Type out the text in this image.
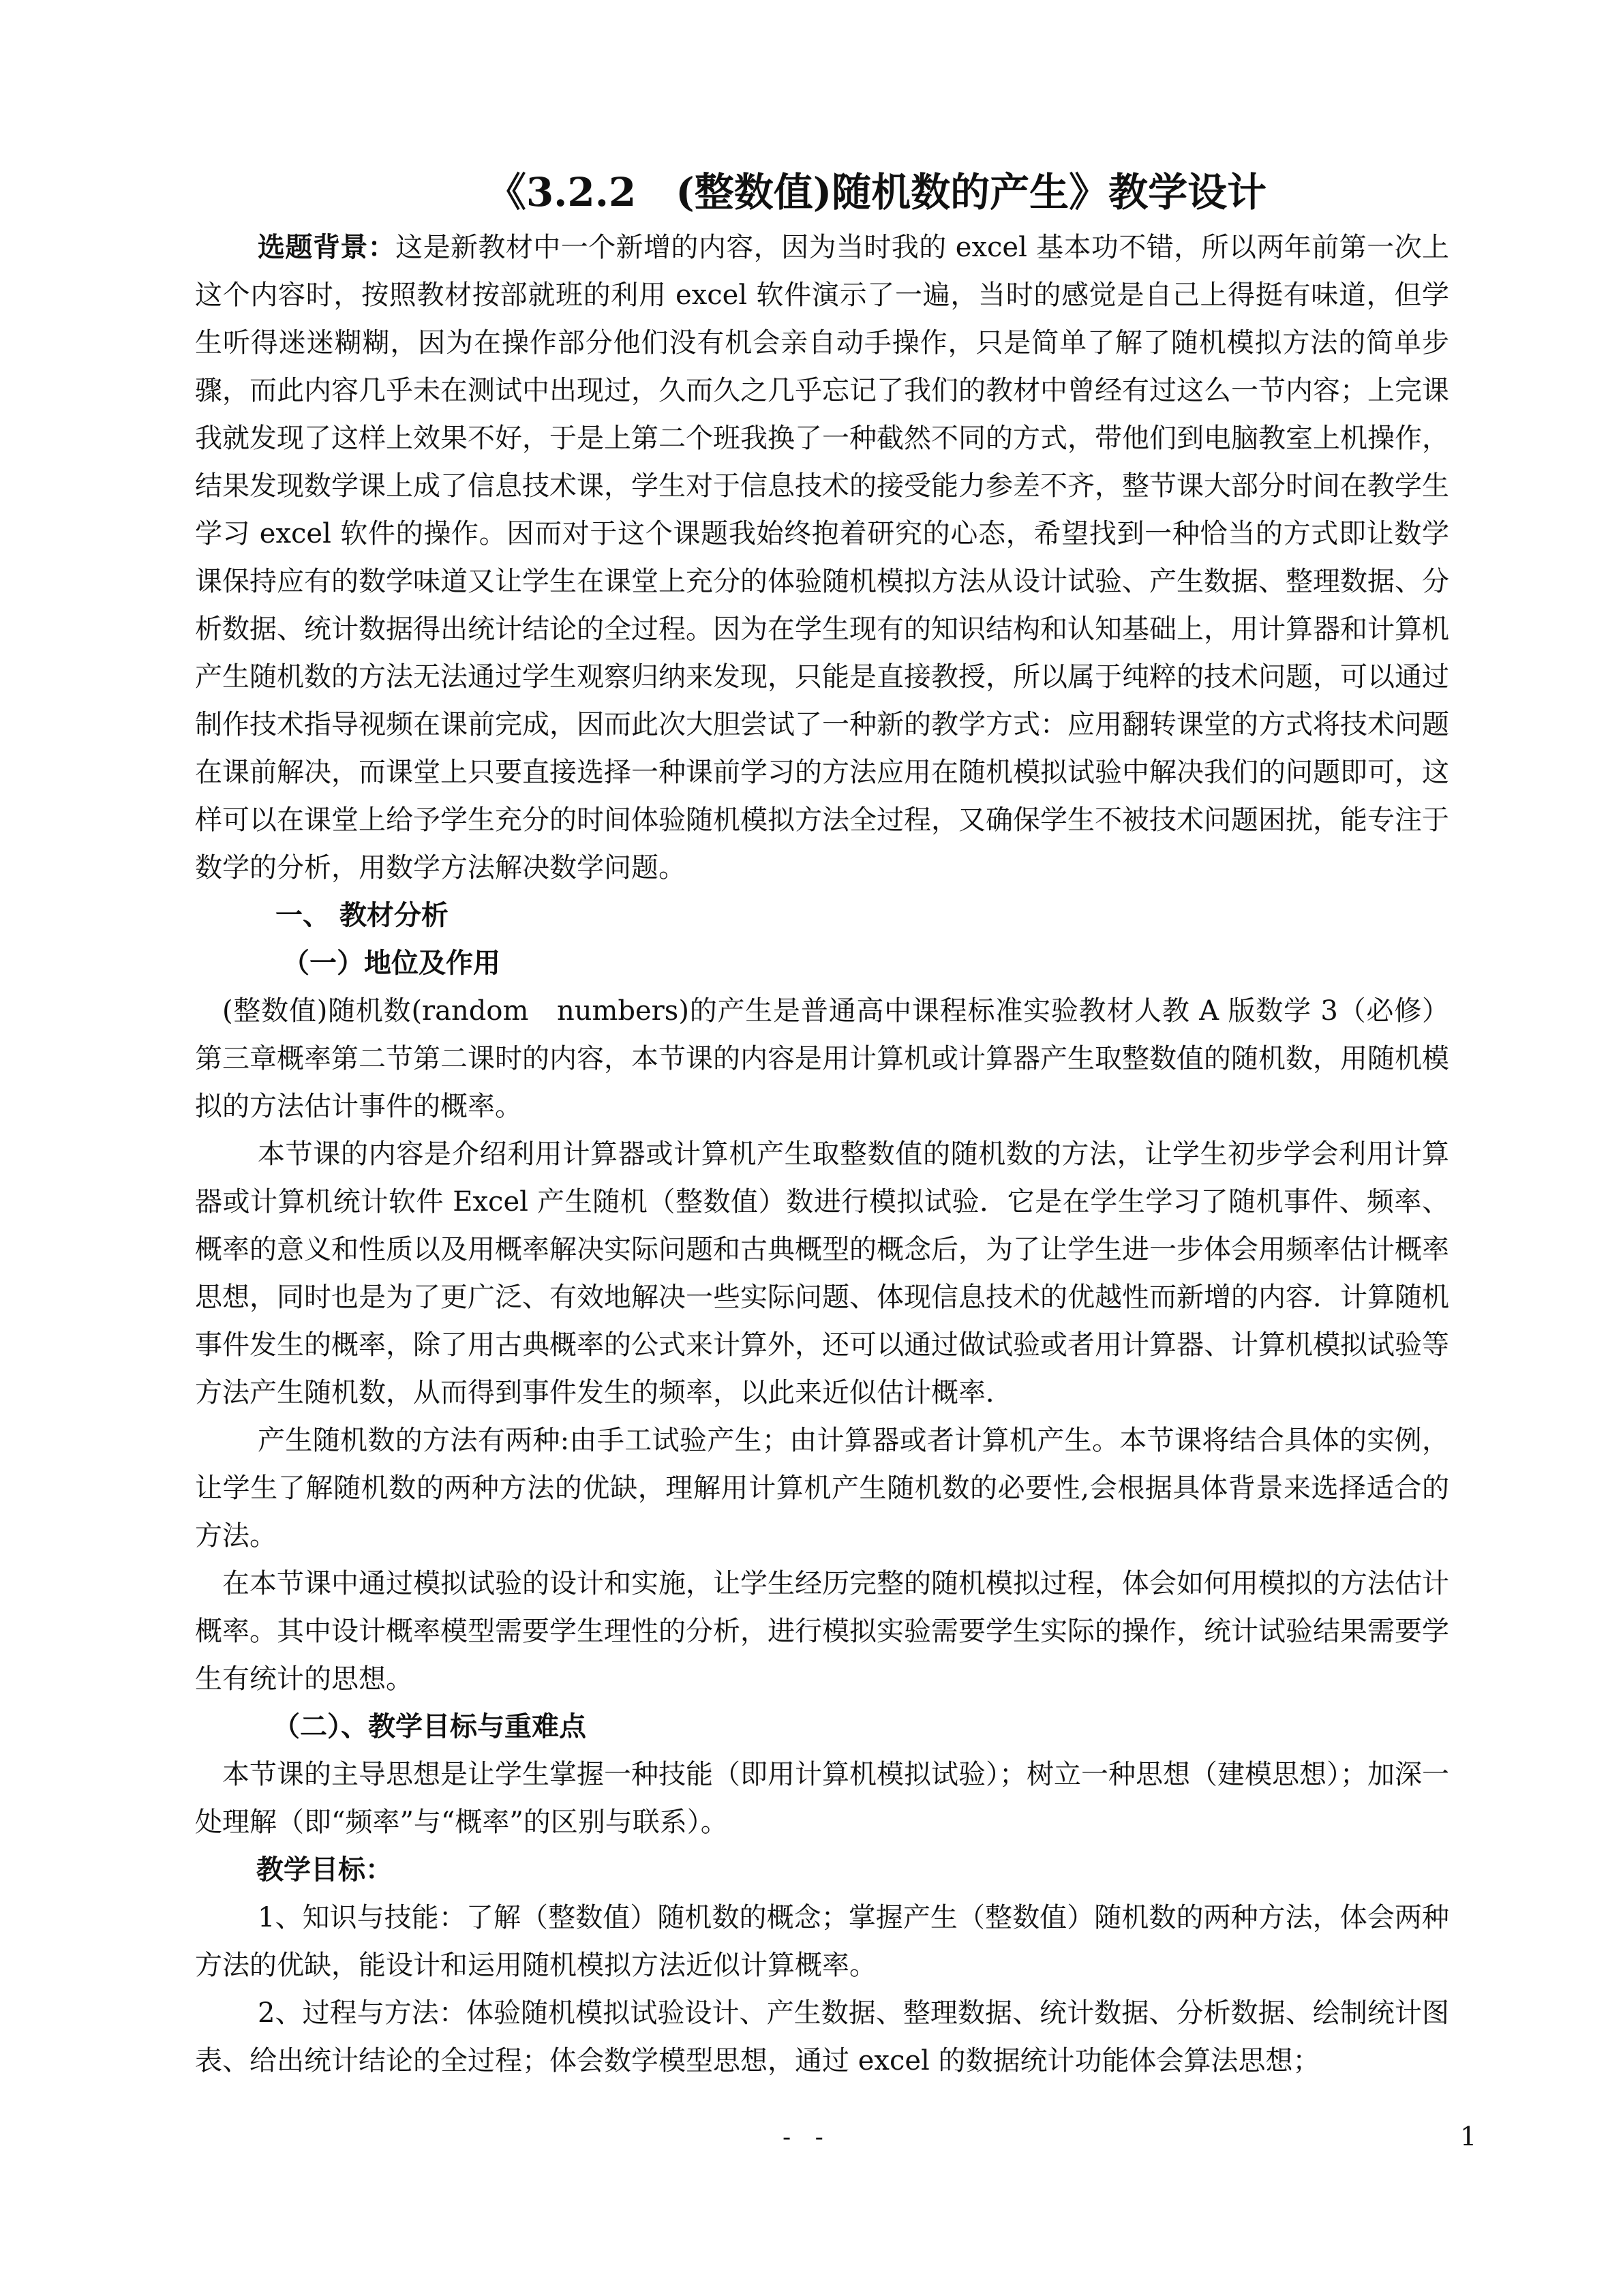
《3.2.2　(整数值)随机数的产生》教学设计

选题背景：这是新教材中一个新增的内容，因为当时我的 excel 基本功不错，所以两年前第一次上这个内容时，按照教材按部就班的利用 excel 软件演示了一遍，当时的感觉是自己上得挺有味道，但学生听得迷迷糊糊，因为在操作部分他们没有机会亲自动手操作，只是简单了解了随机模拟方法的简单步骤，而此内容几乎未在测试中出现过，久而久之几乎忘记了我们的教材中曾经有过这么一节内容；上完课我就发现了这样上效果不好，于是上第二个班我换了一种截然不同的方式，带他们到电脑教室上机操作，结果发现数学课上成了信息技术课，学生对于信息技术的接受能力参差不齐，整节课大部分时间在教学生学习 excel 软件的操作。因而对于这个课题我始终抱着研究的心态，希望找到一种恰当的方式即让数学课保持应有的数学味道又让学生在课堂上充分的体验随机模拟方法从设计试验、产生数据、整理数据、分析数据、统计数据得出统计结论的全过程。因为在学生现有的知识结构和认知基础上，用计算器和计算机产生随机数的方法无法通过学生观察归纳来发现，只能是直接教授，所以属于纯粹的技术问题，可以通过制作技术指导视频在课前完成，因而此次大胆尝试了一种新的教学方式：应用翻转课堂的方式将技术问题在课前解决，而课堂上只要直接选择一种课前学习的方法应用在随机模拟试验中解决我们的问题即可，这样可以在课堂上给予学生充分的时间体验随机模拟方法全过程，又确保学生不被技术问题困扰，能专注于数学的分析，用数学方法解决数学问题。

一、 教材分析

（一）地位及作用

(整数值)随机数(random　numbers)的产生是普通高中课程标准实验教材人教 A 版数学 3（必修）第三章概率第二节第二课时的内容，本节课的内容是用计算机或计算器产生取整数值的随机数，用随机模拟的方法估计事件的概率。

本节课的内容是介绍利用计算器或计算机产生取整数值的随机数的方法，让学生初步学会利用计算器或计算机统计软件 Excel 产生随机（整数值）数进行模拟试验．它是在学生学习了随机事件、频率、概率的意义和性质以及用概率解决实际问题和古典概型的概念后，为了让学生进一步体会用频率估计概率思想，同时也是为了更广泛、有效地解决一些实际问题、体现信息技术的优越性而新增的内容．计算随机事件发生的概率，除了用古典概率的公式来计算外，还可以通过做试验或者用计算器、计算机模拟试验等方法产生随机数，从而得到事件发生的频率，以此来近似估计概率．

产生随机数的方法有两种:由手工试验产生；由计算器或者计算机产生。本节课将结合具体的实例，让学生了解随机数的两种方法的优缺，理解用计算机产生随机数的必要性,会根据具体背景来选择适合的方法。

在本节课中通过模拟试验的设计和实施，让学生经历完整的随机模拟过程，体会如何用模拟的方法估计概率。其中设计概率模型需要学生理性的分析，进行模拟实验需要学生实际的操作，统计试验结果需要学生有统计的思想。

（二）、教学目标与重难点

本节课的主导思想是让学生掌握一种技能（即用计算机模拟试验）；树立一种思想（建模思想）；加深一处理解（即“频率”与“概率”的区别与联系）。

教学目标：

1、知识与技能：了解（整数值）随机数的概念；掌握产生（整数值）随机数的两种方法，体会两种方法的优缺，能设计和运用随机模拟方法近似计算概率。

2、过程与方法：体验随机模拟试验设计、产生数据、整理数据、统计数据、分析数据、绘制统计图表、给出统计结论的全过程；体会数学模型思想，通过 excel 的数据统计功能体会算法思想；

- -	1
